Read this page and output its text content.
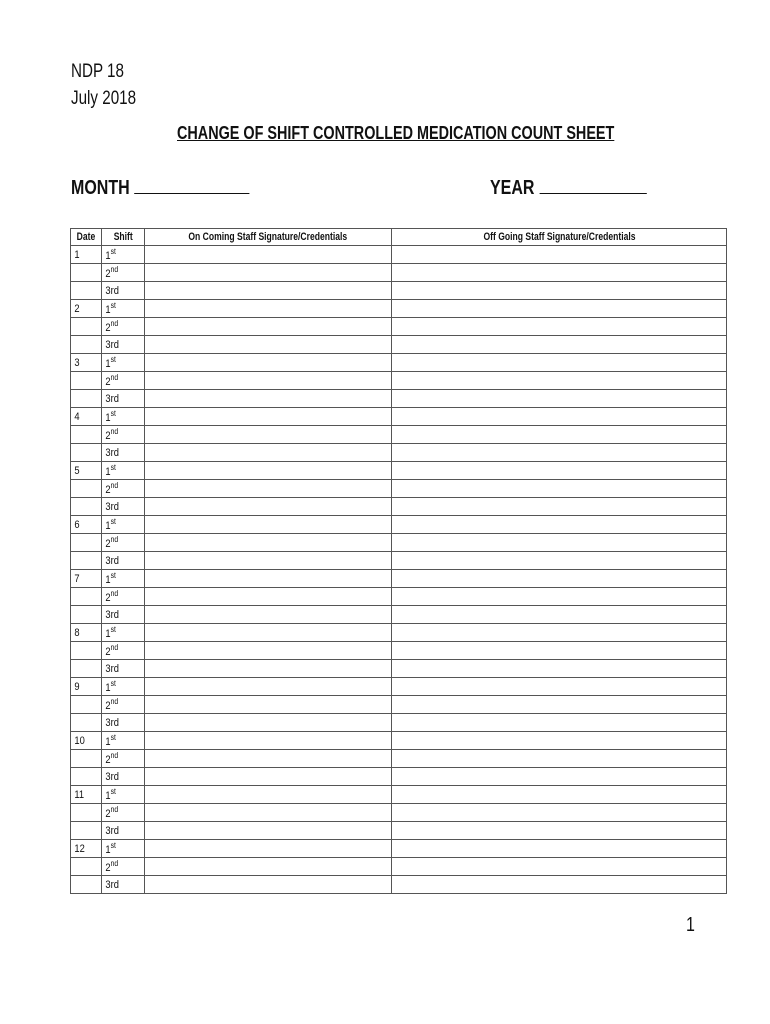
NDP 18
July 2018
CHANGE OF SHIFT CONTROLLED MEDICATION COUNT SHEET
MONTH	YEAR
Date	Shift	On Coming Staff Signature/Credentials	Off Going Staff Signature/Credentials
1	1st		
	2nd		
	3rd		
2	1st		
	2nd		
	3rd		
3	1st		
	2nd		
	3rd		
4	1st		
	2nd		
	3rd		
5	1st		
	2nd		
	3rd		
6	1st		
	2nd		
	3rd		
7	1st		
	2nd		
	3rd		
8	1st		
	2nd		
	3rd		
9	1st		
	2nd		
	3rd		
10	1st		
	2nd		
	3rd		
11	1st		
	2nd		
	3rd		
12	1st		
	2nd		
	3rd		
1
